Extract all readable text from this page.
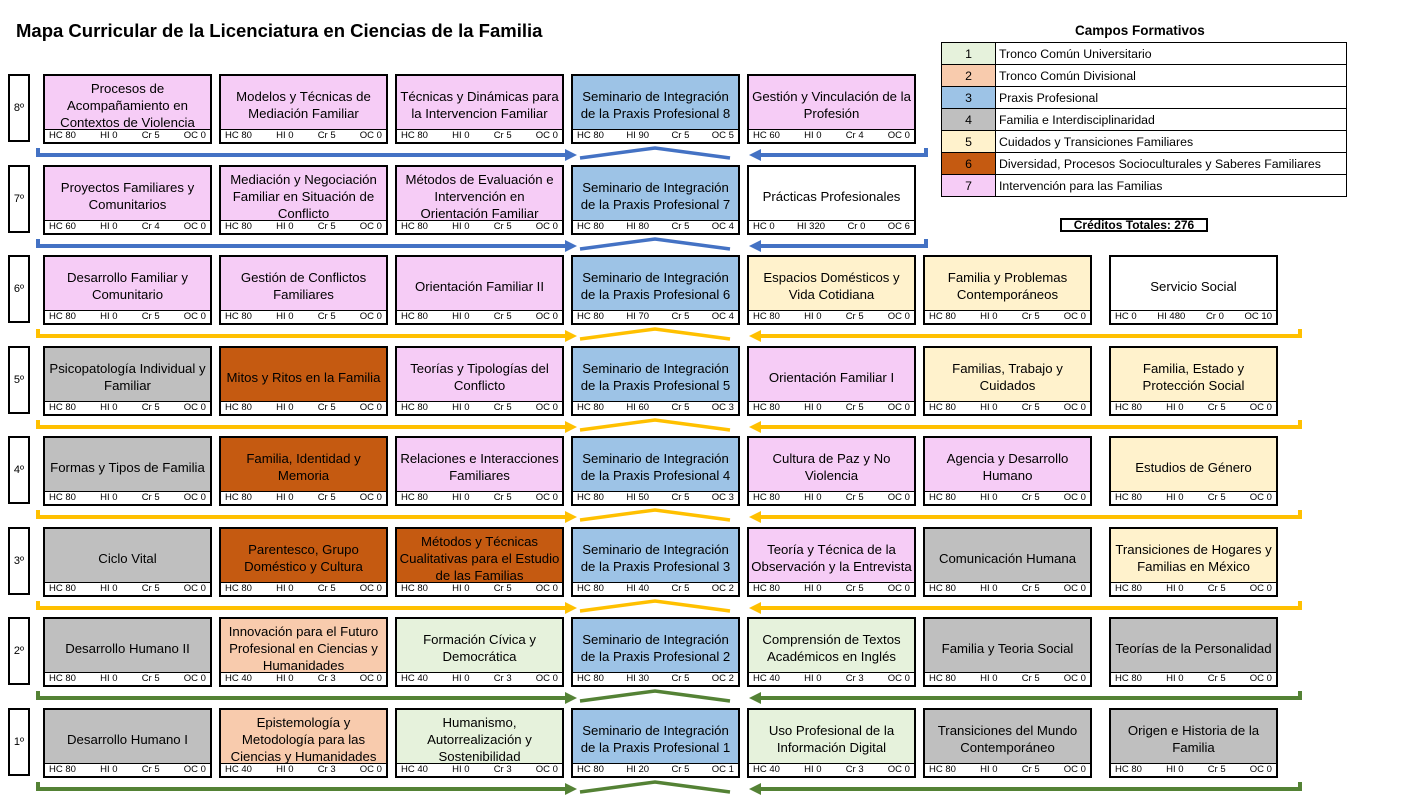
Mapa Curricular de la Licenciatura en Ciencias de la Familia	Campos Formativos
1	Tronco Común Universitario
2	Tronco Común Divisional
3	Praxis Profesional
4	Familia e Interdisciplinaridad
5	Cuidados y Transiciones Familiares
6	Diversidad, Procesos Socioculturales y Saberes Familiares
7	Intervención para las Familias
Créditos Totales: 276
8º
Procesos de Acompañamiento en Contextos de Violencia
HC 80	HI 0	Cr 5	OC 0
Modelos y Técnicas de Mediación Familiar
HC 80	HI 0	Cr 5	OC 0
Técnicas y Dinámicas para la Intervencion Familiar
HC 80	HI 0	Cr 5	OC 0
Seminario de Integración de la Praxis Profesional 8
HC 80 HI 90 Cr 5 OC 5
Gestión y Vinculación de la Profesión
HC 60	HI 0	Cr 4	OC 0
7º
Proyectos Familiares y Comunitarios
HC 60	HI 0	Cr 4	OC 0
Mediación y Negociación Familiar en Situación de Conflicto
HC 80	HI 0	Cr 5	OC 0
Métodos de Evaluación e Intervención en Orientación Familiar
HC 80	HI 0	Cr 5	OC 0
Seminario de Integración de la Praxis Profesional 7
HC 80 HI 80 Cr 5 OC 4
Prácticas Profesionales
HC 0 HI 320 Cr 0 OC 6
6º
Desarrollo Familiar y Comunitario
HC 80	HI 0	Cr 5	OC 0
Gestión de Conflictos Familiares
HC 80	HI 0	Cr 5	OC 0
Orientación Familiar II
HC 80	HI 0	Cr 5	OC 0
Seminario de Integración de la Praxis Profesional 6
HC 80 HI 70 Cr 5 OC 4
Espacios Domésticos y Vida Cotidiana
HC 80	HI 0	Cr 5	OC 0
Familia y Problemas Contemporáneos
HC 80	HI 0	Cr 5	OC 0
Servicio Social
HC 0 HI 480 Cr 0 OC 10
5º
Psicopatología Individual y Familiar
HC 80	HI 0	Cr 5	OC 0
Mitos y Ritos en la Familia
HC 80	HI 0	Cr 5	OC 0
Teorías y Tipologías del Conflicto
HC 80	HI 0	Cr 5	OC 0
Seminario de Integración de la Praxis Profesional 5
HC 80 HI 60 Cr 5 OC 3
Orientación Familiar I
HC 80	HI 0	Cr 5	OC 0
Familias, Trabajo y Cuidados
HC 80	HI 0	Cr 5	OC 0
Familia, Estado y Protección Social
HC 80	HI 0	Cr 5	OC 0
4º	Formas y Tipos de Familia
HC 80	HI 0	Cr 5	OC 0
Familia, Identidad y Memoria
HC 80	HI 0	Cr 5	OC 0
Relaciones e Interacciones Familiares
HC 80	HI 0	Cr 5	OC 0
Seminario de Integración de la Praxis Profesional 4
HC 80 HI 50 Cr 5 OC 3
Cultura de Paz y No Violencia
HC 80	HI 0	Cr 5	OC 0
Agencia y Desarrollo Humano
HC 80	HI 0	Cr 5	OC 0
Estudios de Género
HC 80	HI 0	Cr 5	OC 0
3º	Ciclo Vital
HC 80	HI 0	Cr 5	OC 0
Parentesco, Grupo Doméstico y Cultura
HC 80	HI 0	Cr 5	OC 0
Métodos y Técnicas Cualitativas para el Estudio de las Familias
HC 80	HI 0	Cr 5	OC 0
Seminario de Integración de la Praxis Profesional 3
HC 80 HI 40 Cr 5 OC 2
Teoría y Técnica de la Observación y la Entrevista
HC 80	HI 0	Cr 5	OC 0
Comunicación Humana
HC 80	HI 0	Cr 5	OC 0
Transiciones de Hogares y Familias en México
HC 80	HI 0	Cr 5	OC 0
2º	Desarrollo Humano II
HC 80	HI 0	Cr 5	OC 0
Innovación para el Futuro Profesional en Ciencias y Humanidades
HC 40	HI 0	Cr 3	OC 0
Formación Cívica y Democrática
HC 40	HI 0	Cr 3	OC 0
Seminario de Integración de la Praxis Profesional 2
HC 80 HI 30 Cr 5 OC 2
Comprensión de Textos Académicos en Inglés
HC 40	HI 0	Cr 3	OC 0
Familia y Teoria Social
HC 80	HI 0	Cr 5	OC 0
Teorías de la Personalidad
HC 80	HI 0	Cr 5	OC 0
1º	Desarrollo Humano I
HC 80	HI 0	Cr 5	OC 0
Epistemología y Metodología para las Ciencias y Humanidades
HC 40	HI 0	Cr 3	OC 0
Humanismo, Autorrealización y Sostenibilidad
HC 40	HI 0	Cr 3	OC 0
Seminario de Integración de la Praxis Profesional 1
HC 80 HI 20 Cr 5 OC 1
Uso Profesional de la Información Digital
HC 40	HI 0	Cr 3	OC 0
Transiciones del Mundo Contemporáneo
HC 80	HI 0	Cr 5	OC 0
Origen e Historia de la Familia
HC 80	HI 0	Cr 5	OC 0
